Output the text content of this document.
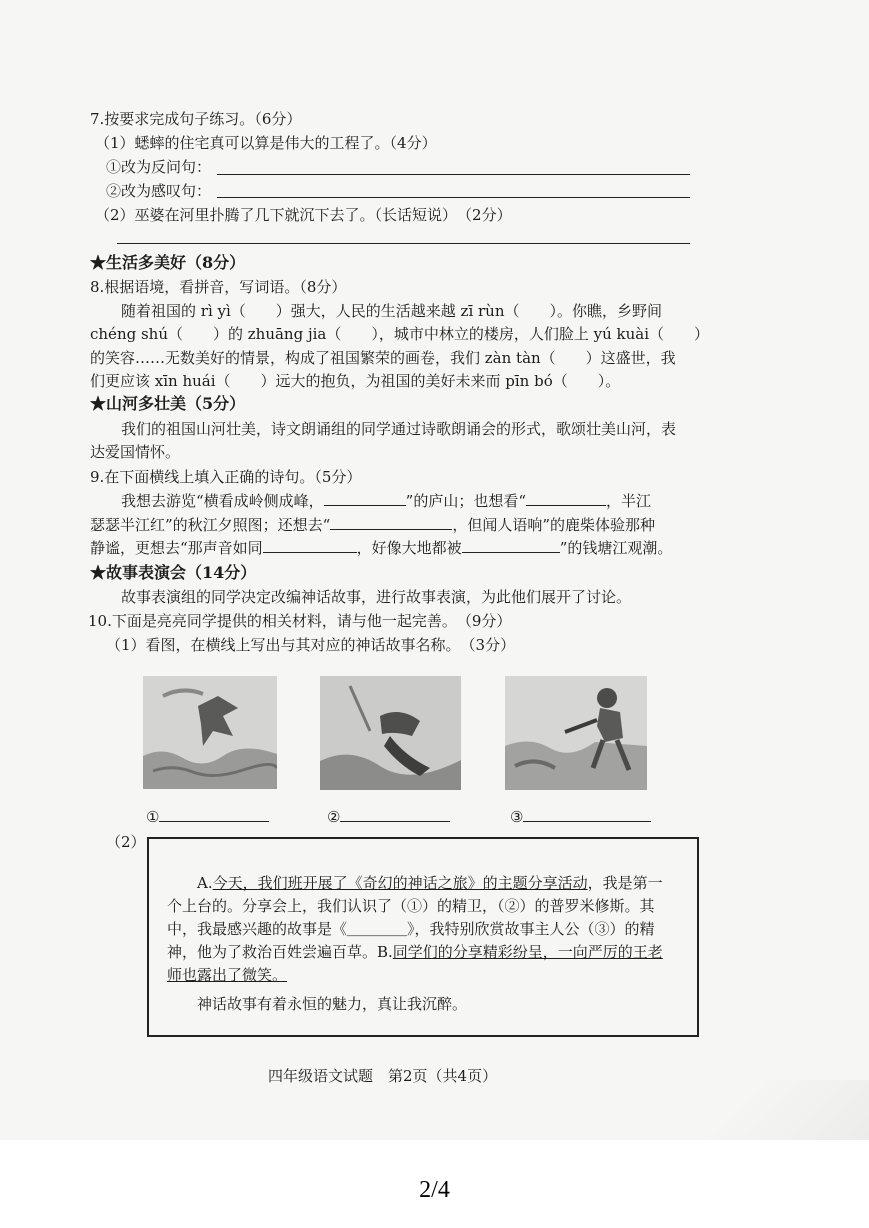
7.按要求完成句子练习。（6分）
（1）蟋蟀的住宅真可以算是伟大的工程了。（4分）
①改为反问句：
②改为感叹句：
（2）巫婆在河里扑腾了几下就沉下去了。（长话短说）　（2分）
★生活多美好（8分）
8.根据语境，看拼音，写词语。（8分）
随着祖国的 rì yì（　　）强大，人民的生活越来越 zī rùn（　　）。你瞧，乡野间
chéng shú（　　）的 zhuāng jia（　　），城市中林立的楼房，人们脸上 yú kuài（　　）
的笑容……无数美好的情景，构成了祖国繁荣的画卷，我们 zàn tàn（　　）这盛世，我
们更应该 xīn huái（　　）远大的抱负，为祖国的美好未来而 pīn bó（　　）。
★山河多壮美（5分）
我们的祖国山河壮美，诗文朗诵组的同学通过诗歌朗诵会的形式，歌颂壮美山河，表
达爱国情怀。
9.在下面横线上填入正确的诗句。（5分）
我想去游览“横看成岭侧成峰，	”的庐山；也想看“	，半江
瑟瑟半江红”的秋江夕照图；还想去“	，但闻人语响”的鹿柴体验那种
静谧，更想去“那声音如同	，好像大地都被	”的钱塘江观潮。
★故事表演会（14分）
故事表演组的同学决定改编神话故事，进行故事表演，为此他们展开了讨论。
10.下面是亮亮同学提供的相关材料，请与他一起完善。　（9分）
（1）看图，在横线上写出与其对应的神话故事名称。　（3分）
①	②	③
（2）
A.今天，我们班开展了《奇幻的神话之旅》的主题分享活动，我是第一个上台的。分享会上，我们认识了（①）的精卫，（②）的普罗米修斯。其中，我最感兴趣的故事是《＿＿＿＿》，我特别欣赏故事主人公（③）的精神，他为了救治百姓尝遍百草。B.同学们的分享精彩纷呈，一向严厉的王老师也露出了微笑。
神话故事有着永恒的魅力，真让我沉醉。
四年级语文试题　第2页（共4页）
2/4
